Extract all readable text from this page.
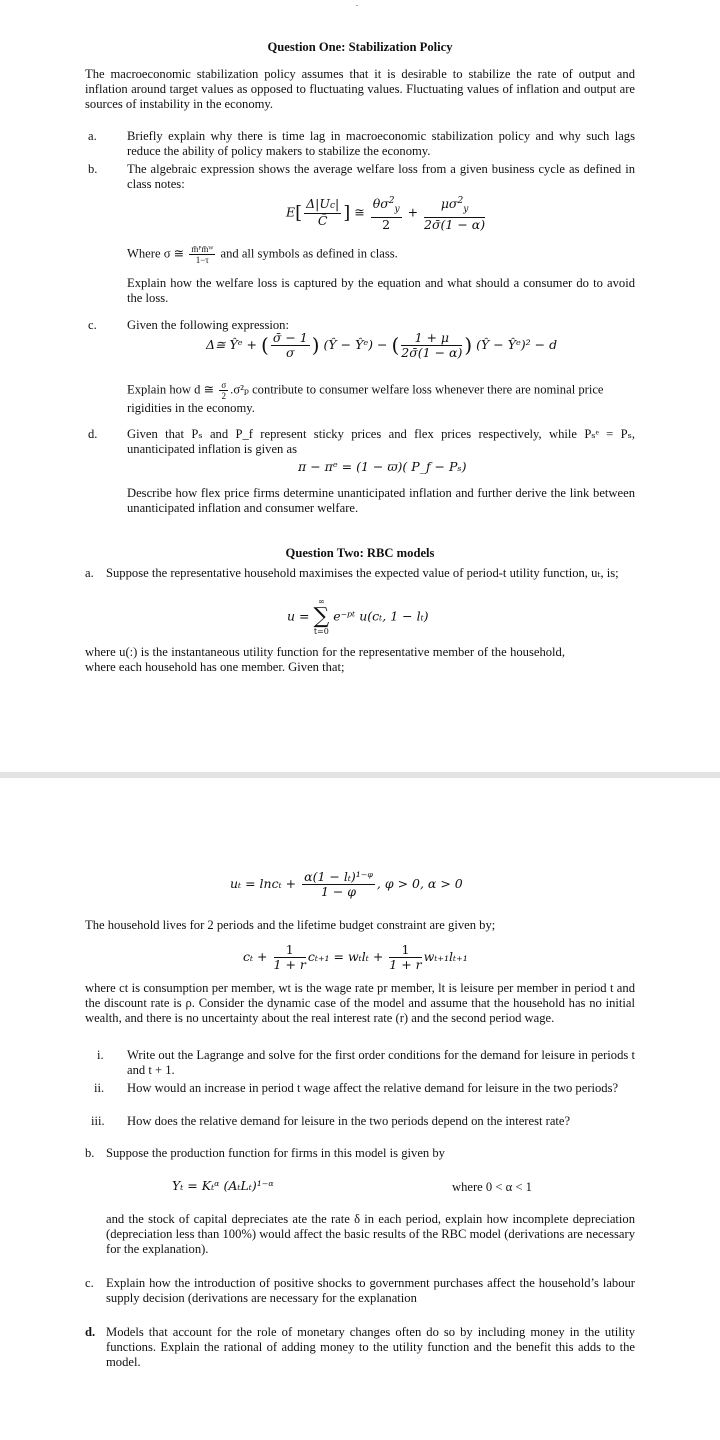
.
Question One: Stabilization Policy
The macroeconomic stabilization policy assumes that it is desirable to stabilize the rate of output and inflation around target values as opposed to fluctuating values. Fluctuating values of inflation and output are sources of instability in the economy.
a. Briefly explain why there is time lag in macroeconomic stabilization policy and why such lags reduce the ability of policy makers to stabilize the economy.
b. The algebraic expression shows the average welfare loss from a given business cycle as defined in class notes:
$E[ \frac{\Delta|Uc|}{C̄}$ ] ≅ $\frac{\theta\sigma^2_y}{2} + \frac{\mu\sigma^2_y}{2\sigmā(1 - \alpha)}$
Where σ ≅ $\frac{\text{m̄ᴾm̄ᵂ}}{1-\tau}$ and all symbols as defined in class.
Explain how the welfare loss is captured by the equation and what should a consumer do to avoid the loss.
c. Given the following expression:
Δ≅ Ŷᵉ + ( $\frac{\sigmā - 1}{\sigma}$ ) (Ŷ − Ŷᵉ) − ( $\frac{1 + \mu}{2\sigmā(1 - \alpha)}$ ) (Ŷ − Ŷᵉ)² − d
Explain how d ≅ $\frac{\sigma}{2} .\sigma^2_p$ contribute to consumer welfare loss whenever there are nominal price rigidities in the economy.
d. Given that Pₛ and P_f represent sticky prices and flex prices respectively, while Pₛᵉ = Pₛ, unanticipated inflation is given as
π − πᵉ = (1 − ϖ)( P_f − Pₛ)
Describe how flex price firms determine unanticipated inflation and further derive the link between unanticipated inflation and consumer welfare.
Question Two: RBC models
a. Suppose the representative household maximises the expected value of period-t utility function, uₜ, is;
u =
∞
∑
t=0
e⁻ᵖᵗ u(cₜ, 1 − lₜ)
where u(:) is the instantaneous utility function for the representative member of the household, where each household has one member. Given that;
$u_t = \ln c_t + \frac{\text{α(1 − lₜ)¹⁻ᵠ}}{1 - \varphi}$ , φ > 0, α > 0
The household lives for 2 periods and the lifetime budget constraint are given by;
$c_t + \frac{1}{1 + r} c_{t+1} = w_tl_t + \frac{1}{1 + r} w_{t+1}l_{t+1}$
where ct is consumption per member, wt is the wage rate pr member, lt is leisure per member in period t and the discount rate is ρ. Consider the dynamic case of the model and assume that the household has no initial wealth, and there is no uncertainty about the real interest rate (r) and the second period wage.
i. Write out the Lagrange and solve for the first order conditions for the demand for leisure in periods t and t + 1.
ii. How would an increase in period t wage affect the relative demand for leisure in the two periods?
iii. How does the relative demand for leisure in the two periods depend on the interest rate?
b. Suppose the production function for firms in this model is given by
Yₜ = Kₜᵅ (AₜLₜ)¹⁻ᵅ	where 0 < α < 1
and the stock of capital depreciates ate the rate δ in each period, explain how incomplete depreciation (depreciation less than 100%) would affect the basic results of the RBC model (derivations are necessary for the explanation).
c. Explain how the introduction of positive shocks to government purchases affect the household’s labour supply decision (derivations are necessary for the explanation
d. Models that account for the role of monetary changes often do so by including money in the utility functions. Explain the rational of adding money to the utility function and the benefit this adds to the model.
